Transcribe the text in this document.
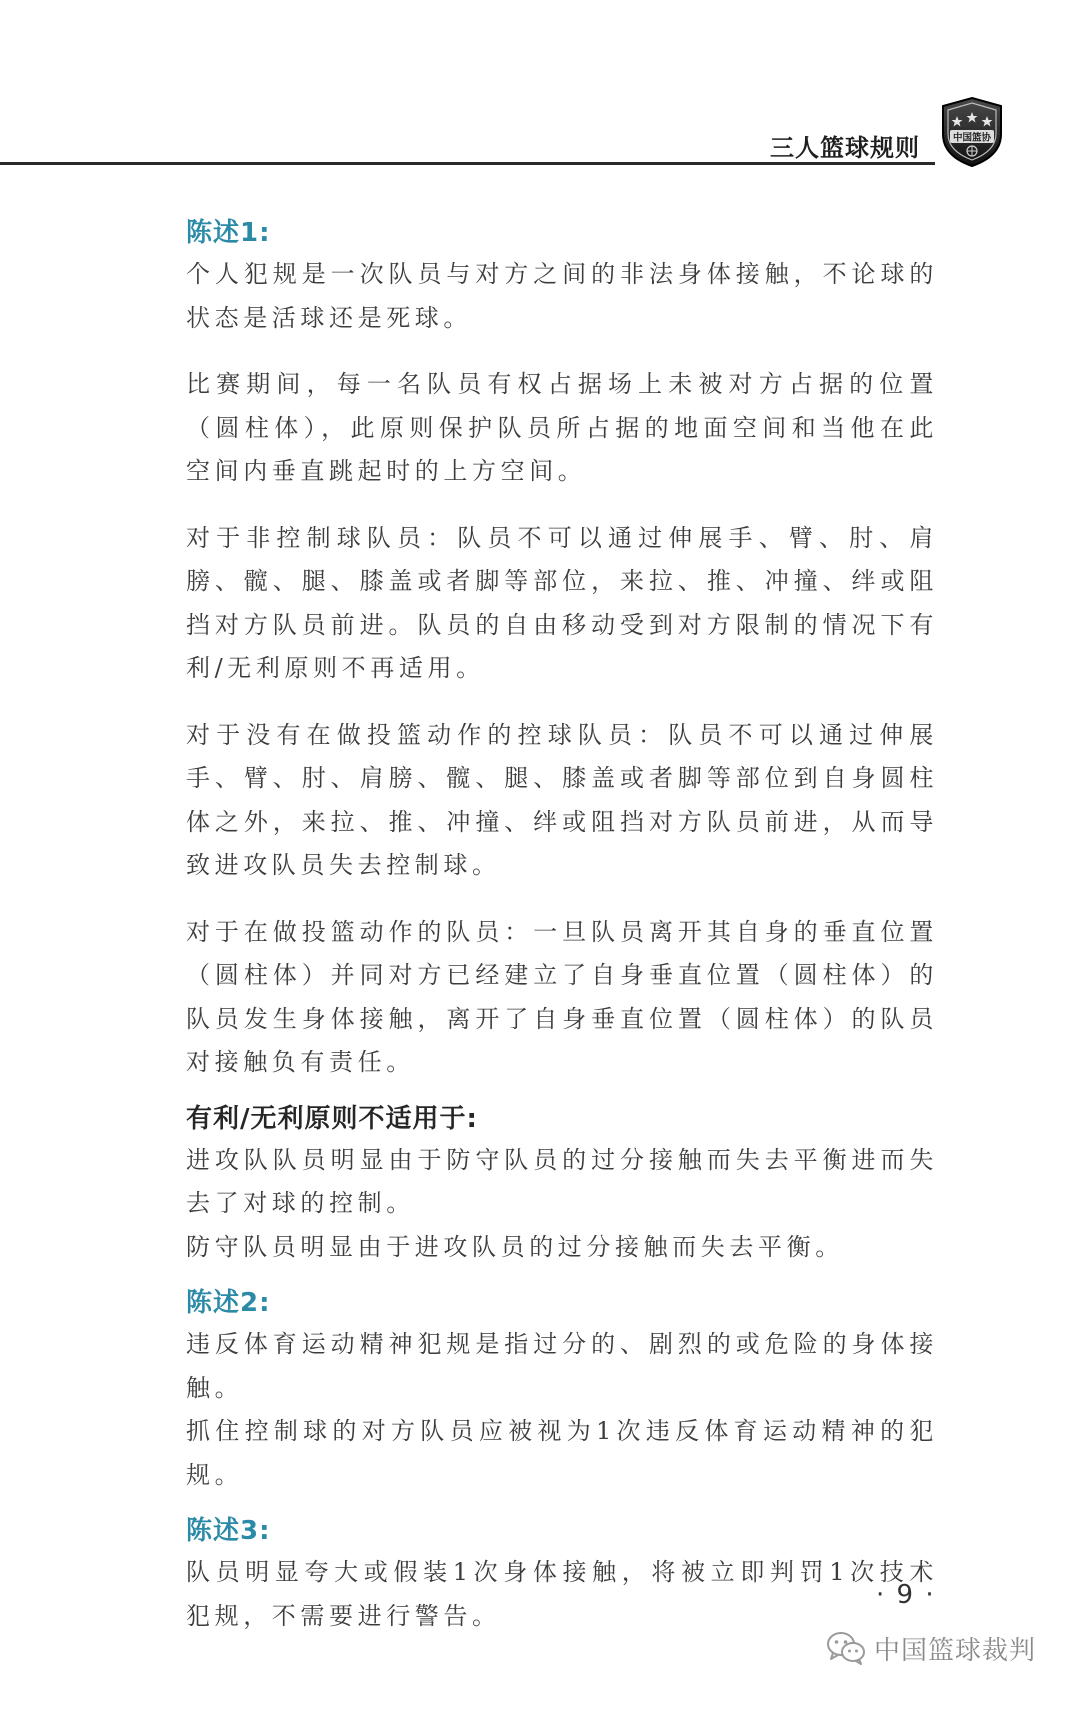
三人篮球规则	中国篮协
陈述1:

个人犯规是一次队员与对方之间的非法身体接触，不论球的状态是活球还是死球。

比赛期间，每一名队员有权占据场上未被对方占据的位置（圆柱体），此原则保护队员所占据的地面空间和当他在此空间内垂直跳起时的上方空间。

对于非控制球队员：队员不可以通过伸展手、臂、肘、肩膀、髋、腿、膝盖或者脚等部位，来拉、推、冲撞、绊或阻挡对方队员前进。队员的自由移动受到对方限制的情况下有利/无利原则不再适用。

对于没有在做投篮动作的控球队员：队员不可以通过伸展手、臂、肘、肩膀、髋、腿、膝盖或者脚等部位到自身圆柱体之外，来拉、推、冲撞、绊或阻挡对方队员前进，从而导致进攻队员失去控制球。

对于在做投篮动作的队员：一旦队员离开其自身的垂直位置（圆柱体）并同对方已经建立了自身垂直位置（圆柱体）的队员发生身体接触，离开了自身垂直位置（圆柱体）的队员对接触负有责任。

有利/无利原则不适用于:

进攻队队员明显由于防守队员的过分接触而失去平衡进而失去了对球的控制。

防守队员明显由于进攻队员的过分接触而失去平衡。

陈述2:

违反体育运动精神犯规是指过分的、剧烈的或危险的身体接触。

抓住控制球的对方队员应被视为1次违反体育运动精神的犯规。

陈述3:

队员明显夸大或假装1次身体接触，将被立即判罚1次技术犯规，不需要进行警告。

· 9 ·
中国篮球裁判
